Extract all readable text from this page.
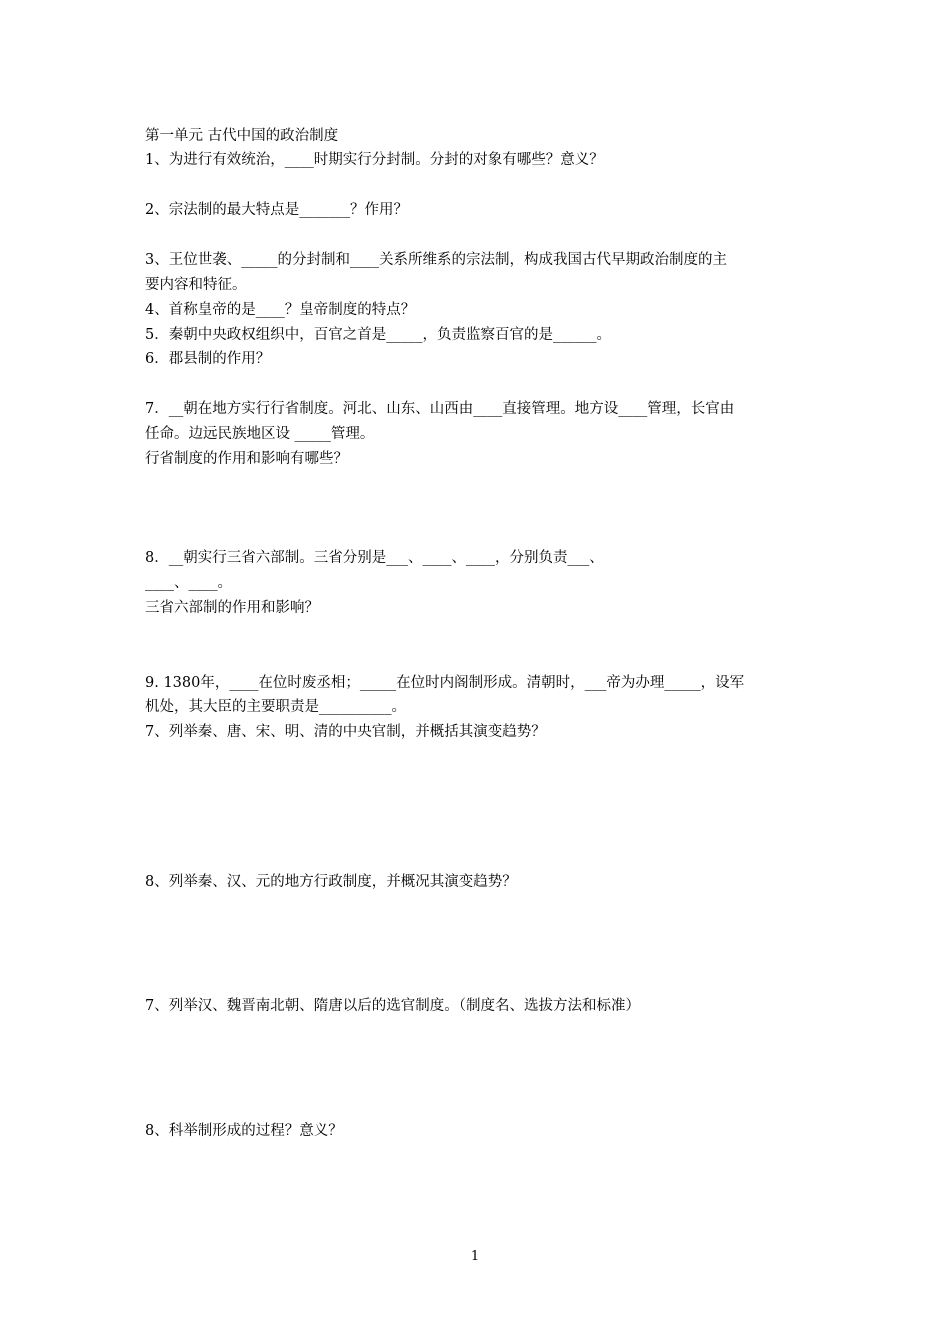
第一单元 古代中国的政治制度
1、为进行有效统治，____时期实行分封制。分封的对象有哪些？意义？
2、宗法制的最大特点是_______？作用？
3、王位世袭、_____的分封制和____关系所维系的宗法制，构成我国古代早期政治制度的主
要内容和特征。
4、首称皇帝的是____？皇帝制度的特点？
5．秦朝中央政权组织中，百官之首是_____，负责监察百官的是______。
6．郡县制的作用？
7．__朝在地方实行行省制度。河北、山东、山西由____直接管理。地方设____管理，长官由
任命。边远民族地区设 _____管理。
行省制度的作用和影响有哪些？
8．__朝实行三省六部制。三省分别是___、____、____，分别负责___、
____、____。
三省六部制的作用和影响？
9. 1380年，____在位时废丞相；_____在位时内阁制形成。清朝时，___帝为办理_____，设军
机处，其大臣的主要职责是__________。
7、列举秦、唐、宋、明、清的中央官制，并概括其演变趋势？
8、列举秦、汉、元的地方行政制度，并概况其演变趋势？
7、列举汉、魏晋南北朝、隋唐以后的选官制度。（制度名、选拔方法和标准）
8、科举制形成的过程？意义？
1
